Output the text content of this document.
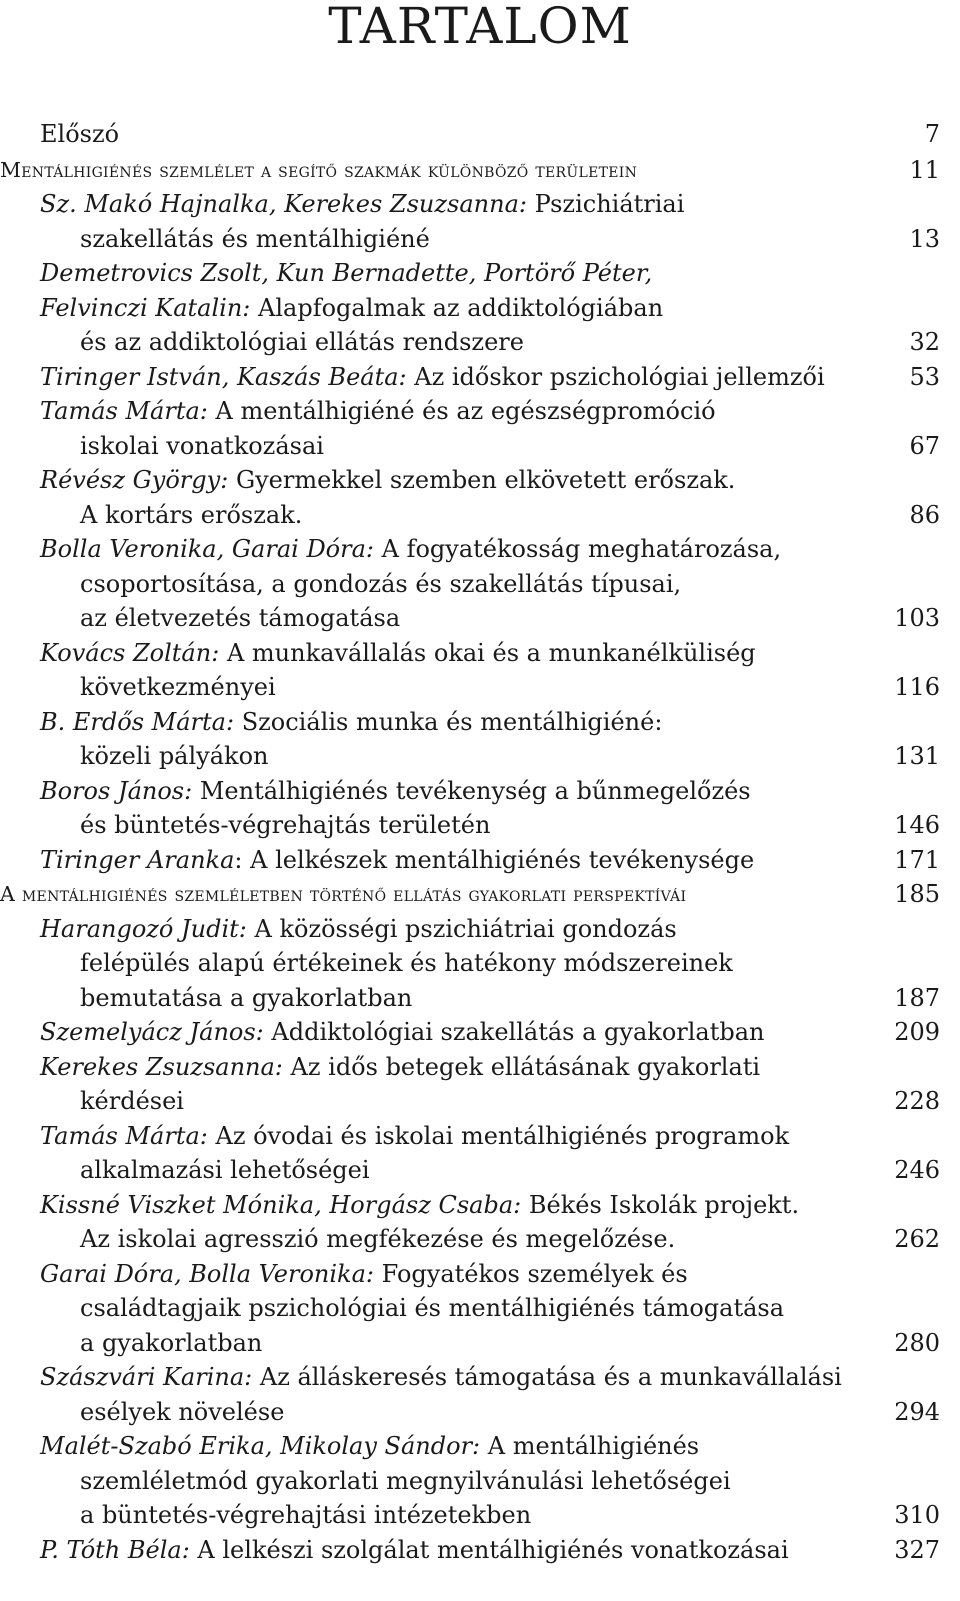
TARTALOM
Előszó	7
Mentálhigiénés szemlélet a segítő szakmák különböző területein	11
Sz. Makó Hajnalka, Kerekes Zsuzsanna: Pszichiátriai
szakellátás és mentálhigiéné	13
Demetrovics Zsolt, Kun Bernadette, Portörő Péter,
Felvinczi Katalin: Alapfogalmak az addiktológiában
és az addiktológiai ellátás rendszere	32
Tiringer István, Kaszás Beáta: Az időskor pszichológiai jellemzői	53
Tamás Márta: A mentálhigiéné és az egészségpromóció
iskolai vonatkozásai	67
Révész György: Gyermekkel szemben elkövetett erőszak.
A kortárs erőszak.	86
Bolla Veronika, Garai Dóra: A fogyatékosság meghatározása,
csoportosítása, a gondozás és szakellátás típusai,
az életvezetés támogatása	103
Kovács Zoltán: A munkavállalás okai és a munkanélküliség
következményei	116
B. Erdős Márta: Szociális munka és mentálhigiéné:
közeli pályákon	131
Boros János: Mentálhigiénés tevékenység a bűnmegelőzés
és büntetés-végrehajtás területén	146
Tiringer Aranka: A lelkészek mentálhigiénés tevékenysége	171
A mentálhigiénés szemléletben történő ellátás gyakorlati perspektívái	185
Harangozó Judit: A közösségi pszichiátriai gondozás
felépülés alapú értékeinek és hatékony módszereinek
bemutatása a gyakorlatban	187
Szemelyácz János: Addiktológiai szakellátás a gyakorlatban	209
Kerekes Zsuzsanna: Az idős betegek ellátásának gyakorlati
kérdései	228
Tamás Márta: Az óvodai és iskolai mentálhigiénés programok
alkalmazási lehetőségei	246
Kissné Viszket Mónika, Horgász Csaba: Békés Iskolák projekt.
Az iskolai agresszió megfékezése és megelőzése.	262
Garai Dóra, Bolla Veronika: Fogyatékos személyek és
családtagjaik pszichológiai és mentálhigiénés támogatása
a gyakorlatban	280
Szászvári Karina: Az álláskeresés támogatása és a munkavállalási
esélyek növelése	294
Malét-Szabó Erika, Mikolay Sándor: A mentálhigiénés
szemléletmód gyakorlati megnyilvánulási lehetőségei
a büntetés-végrehajtási intézetekben	310
P. Tóth Béla: A lelkészi szolgálat mentálhigiénés vonatkozásai	327
